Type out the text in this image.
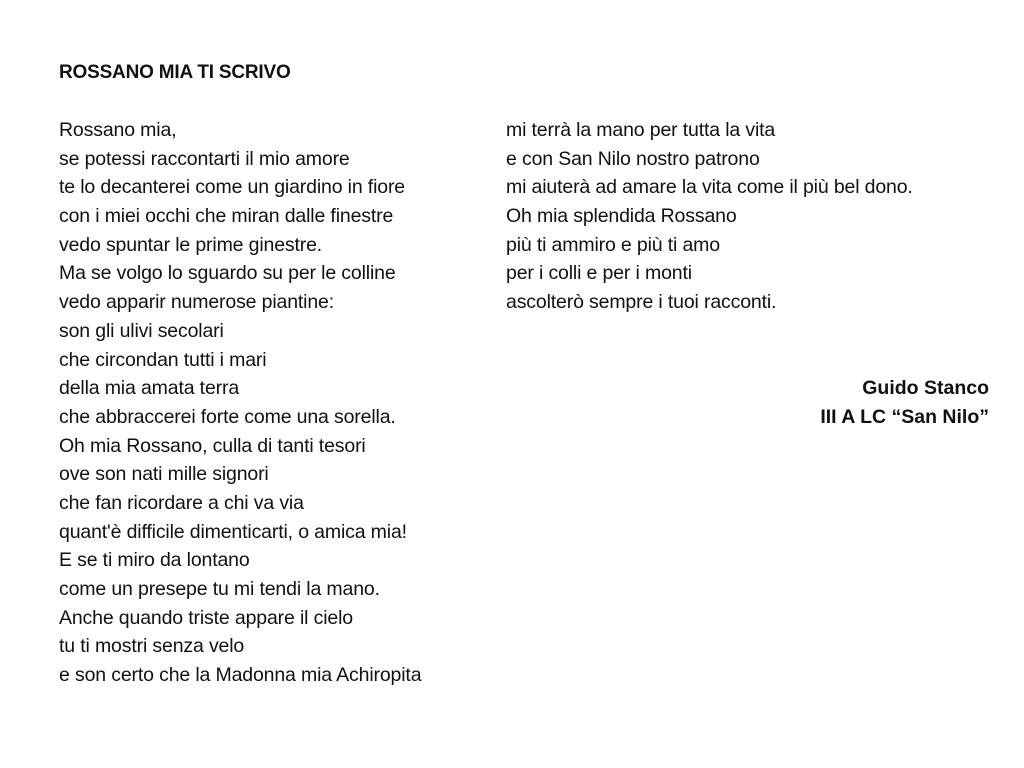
ROSSANO MIA TI SCRIVO
Rossano mia,
se potessi raccontarti il mio amore
te lo decanterei come un giardino in fiore
con i miei occhi che miran dalle finestre
vedo spuntar le prime ginestre.
Ma se volgo lo sguardo su per le colline
vedo apparir numerose piantine:
son gli ulivi secolari
che circondan tutti i mari
della mia amata terra
che abbraccerei forte come una sorella.
Oh mia Rossano, culla di tanti tesori
ove son nati mille signori
che fan ricordare a chi va via
quant'è difficile dimenticarti, o amica mia!
E se ti miro da lontano
come un presepe tu mi tendi la mano.
Anche quando triste appare il cielo
tu ti mostri senza velo
e son certo che la Madonna mia Achiropita
mi terrà la mano per tutta la vita
e con San Nilo nostro patrono
mi aiuterà ad amare la vita come il più bel dono.
Oh mia splendida Rossano
più ti ammiro e più ti amo
per i colli e per i monti
ascolterò sempre i tuoi racconti.
Guido Stanco
III A LC “San Nilo”
